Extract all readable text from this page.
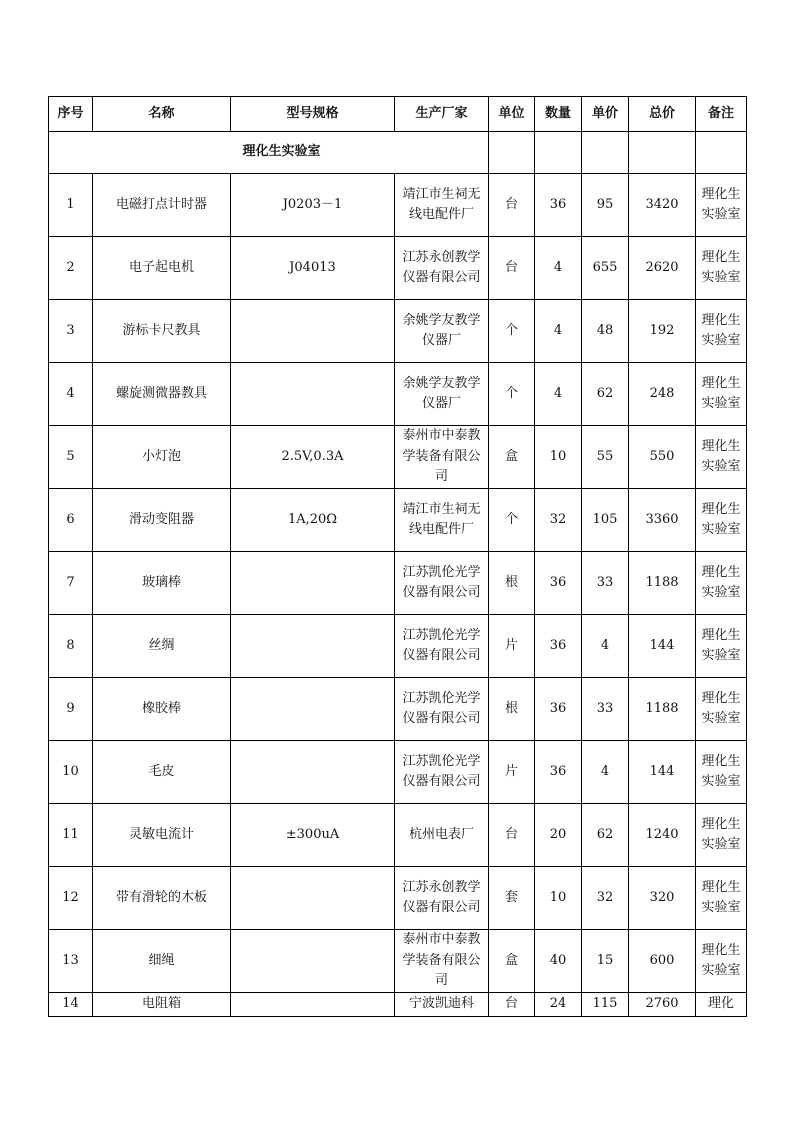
序号	名称	型号规格	生产厂家	单位	数量	单价	总价	备注
理化生实验室								
1	电磁打点计时器	J0203－1	靖江市生祠无线电配件厂	台	36	95	3420	理化生实验室
2	电子起电机	J04013	江苏永创教学仪器有限公司	台	4	655	2620	理化生实验室
3	游标卡尺教具		余姚学友教学仪器厂	个	4	48	192	理化生实验室
4	螺旋测微器教具		余姚学友教学仪器厂	个	4	62	248	理化生实验室
5	小灯泡	2.5V,0.3A	泰州市中泰教学装备有限公司	盒	10	55	550	理化生实验室
6	滑动变阻器	1A,20Ω	靖江市生祠无线电配件厂	个	32	105	3360	理化生实验室
7	玻璃棒		江苏凯伦光学仪器有限公司	根	36	33	1188	理化生实验室
8	丝绸		江苏凯伦光学仪器有限公司	片	36	4	144	理化生实验室
9	橡胶棒		江苏凯伦光学仪器有限公司	根	36	33	1188	理化生实验室
10	毛皮		江苏凯伦光学仪器有限公司	片	36	4	144	理化生实验室
11	灵敏电流计	±300uA	杭州电表厂	台	20	62	1240	理化生实验室
12	带有滑轮的木板		江苏永创教学仪器有限公司	套	10	32	320	理化生实验室
13	细绳		泰州市中泰教学装备有限公司	盒	40	15	600	理化生实验室
14	电阻箱		宁波凯迪科	台	24	115	2760	理化
